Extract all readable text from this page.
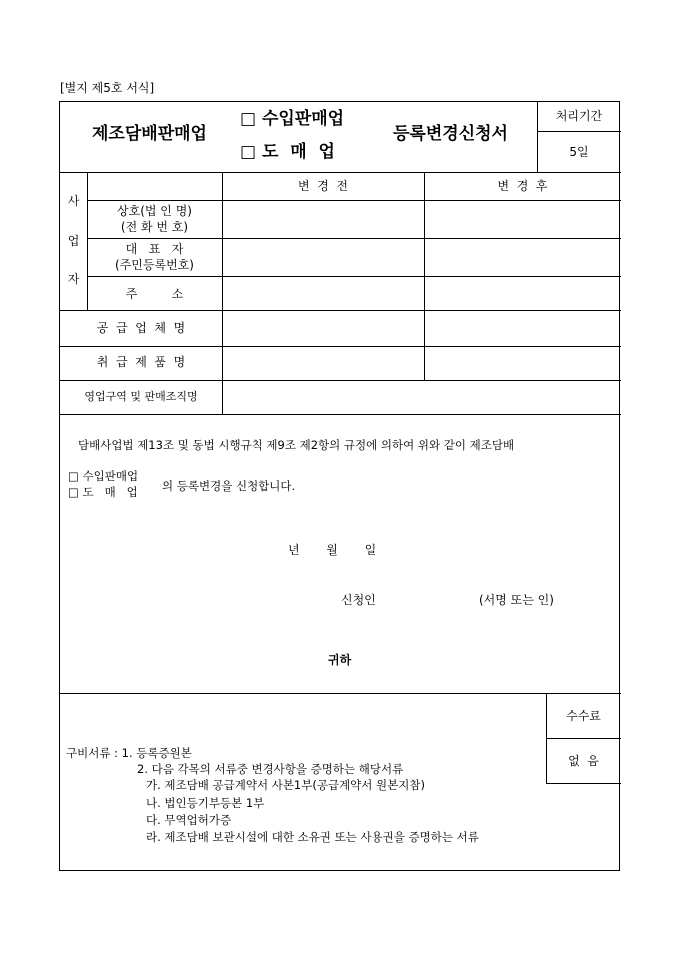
[별지 제5호 서식]
제조담배판매업
□ 수입판매업
□ 도  매  업
등록변경신청서
처리기간
5일
변  경  전	변  경  후
사
업
자
상호(법 인 명)
(전 화 번 호)
대   표   자
(주민등록번호)
주         소
공  급  업  체  명
취  급  제  품  명
영업구역 및 판매조직명
담배사업법 제13조 및 동법 시행규칙 제9조 제2항의 규정에 의하여 위와 같이 제조담배
□ 수입판매업
□ 도   매   업 의 등록변경을 신청합니다.
년       월       일
신청인	(서명 또는 인)
귀하
수수료
없  음
구비서류 : 1. 등록증원본
2. 다음 각목의 서류중 변경사항을 증명하는 해당서류
가. 제조담배 공급계약서 사본1부(공급계약서 원본지참)
나. 법인등기부등본 1부
다. 무역업허가증
라. 제조담배 보관시설에 대한 소유권 또는 사용권을 증명하는 서류
